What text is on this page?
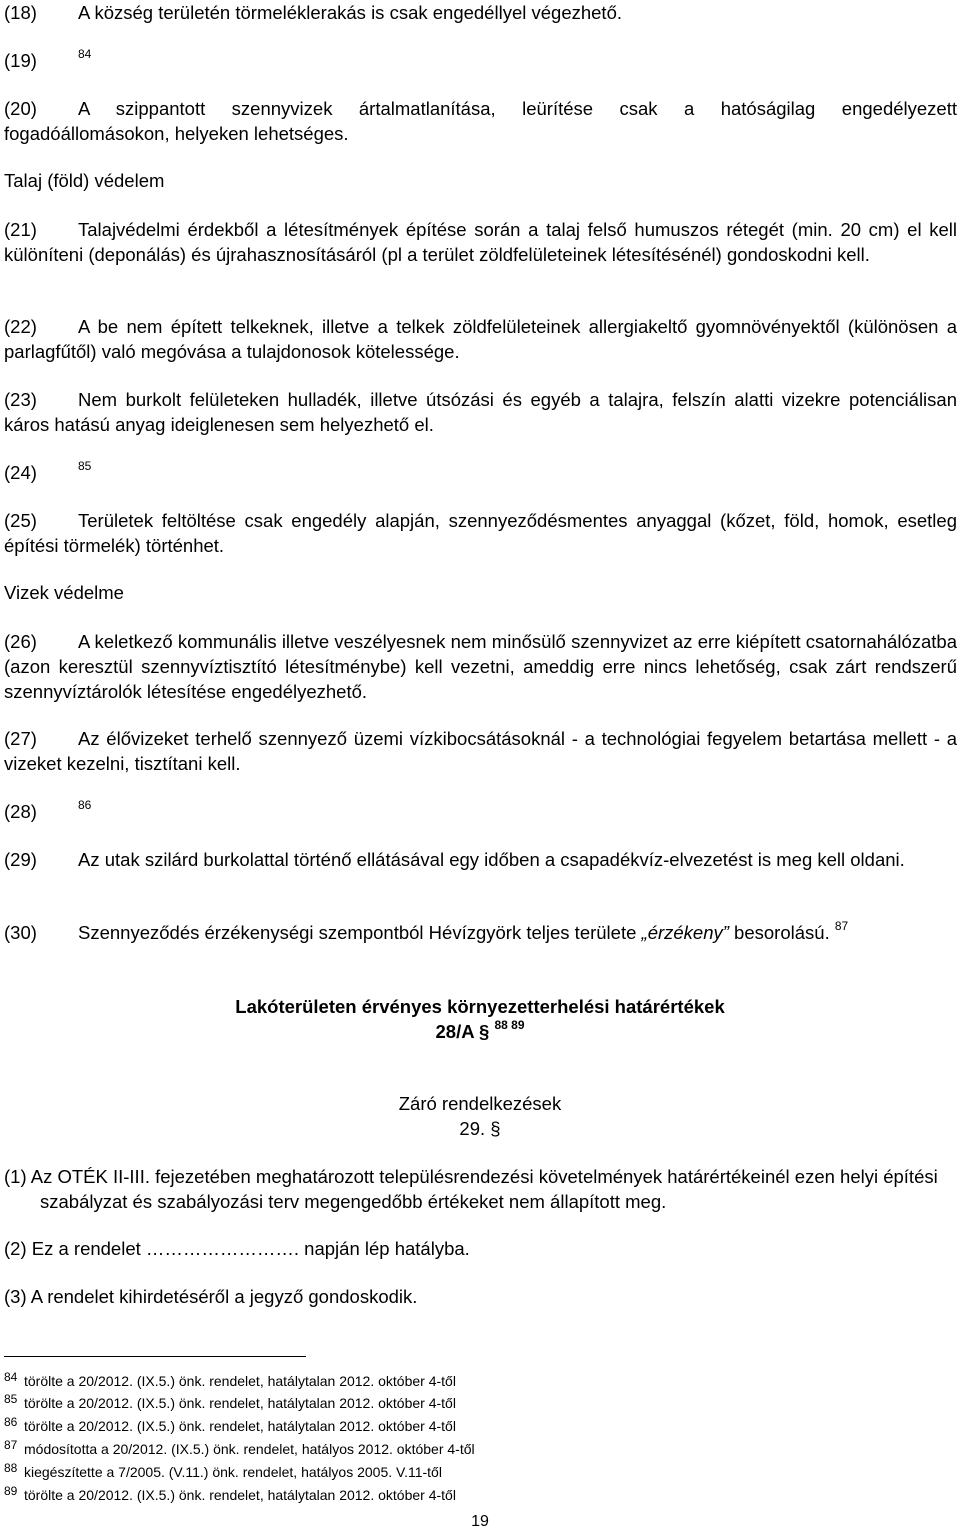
(18)	A község területén törmeléklerakás is csak engedéllyel végezhető.
(19)	$^{84}$
(20)	A szippantott szennyvizek ártalmatlanítása, leürítése csak a hatóságilag engedélyezett fogadóállomásokon, helyeken lehetséges.
Talaj (föld) védelem
(21)	Talajvédelmi érdekből a létesítmények építése során a talaj felső humuszos rétegét (min. 20 cm) el kell különíteni (deponálás) és újrahasznosításáról (pl a terület zöldfelületeinek létesítésénél) gondoskodni kell.
(22)	A be nem épített telkeknek, illetve a telkek zöldfelületeinek allergiakeltő gyomnövényektől (különösen a parlagfűtől) való megóvása a tulajdonosok kötelessége.
(23)	Nem burkolt felületeken hulladék, illetve útsózási és egyéb a talajra, felszín alatti vizekre potenciálisan káros hatású anyag ideiglenesen sem helyezhető el.
(24)	$^{85}$
(25)	Területek feltöltése csak engedély alapján, szennyeződésmentes anyaggal (kőzet, föld, homok, esetleg építési törmelék) történhet.
Vizek védelme
(26)	A keletkező kommunális illetve veszélyesnek nem minősülő szennyvizet az erre kiépített csatornahálózatba (azon keresztül szennyvíztisztító létesítménybe) kell vezetni, ameddig erre nincs lehetőség, csak zárt rendszerű szennyvíztárolók létesítése engedélyezhető.
(27)	Az élővizeket terhelő szennyező üzemi vízkibocsátásoknál - a technológiai fegyelem betartása mellett - a vizeket kezelni, tisztítani kell.
(28)	$^{86}$
(29)	Az utak szilárd burkolattal történő ellátásával egy időben a csapadékvíz-elvezetést is meg kell oldani.
(30)	Szennyeződés érzékenységi szempontból Hévízgyörk teljes területe „érzékeny” besorolású. $^{87}$
Lakóterületen érvényes környezetterhelési határértékek
28/A § $^{88 89}$
Záró rendelkezések
29. §
(1) Az OTÉK II-III. fejezetében meghatározott településrendezési követelmények határértékeinél ezen helyi építési szabályzat és szabályozási terv megengedőbb értékeket nem állapított meg.
(2) Ez a rendelet ……………………. napján lép hatályba.
(3) A rendelet kihirdetéséről a jegyző gondoskodik.
84 törölte a 20/2012. (IX.5.) önk. rendelet, hatálytalan 2012. október 4-től
85 törölte a 20/2012. (IX.5.) önk. rendelet, hatálytalan 2012. október 4-től
86 törölte a 20/2012. (IX.5.) önk. rendelet, hatálytalan 2012. október 4-től
87 módosította a 20/2012. (IX.5.) önk. rendelet, hatályos 2012. október 4-től
88 kiegészítette a 7/2005. (V.11.) önk. rendelet, hatályos 2005. V.11-től
89 törölte a 20/2012. (IX.5.) önk. rendelet, hatálytalan 2012. október 4-től
19
